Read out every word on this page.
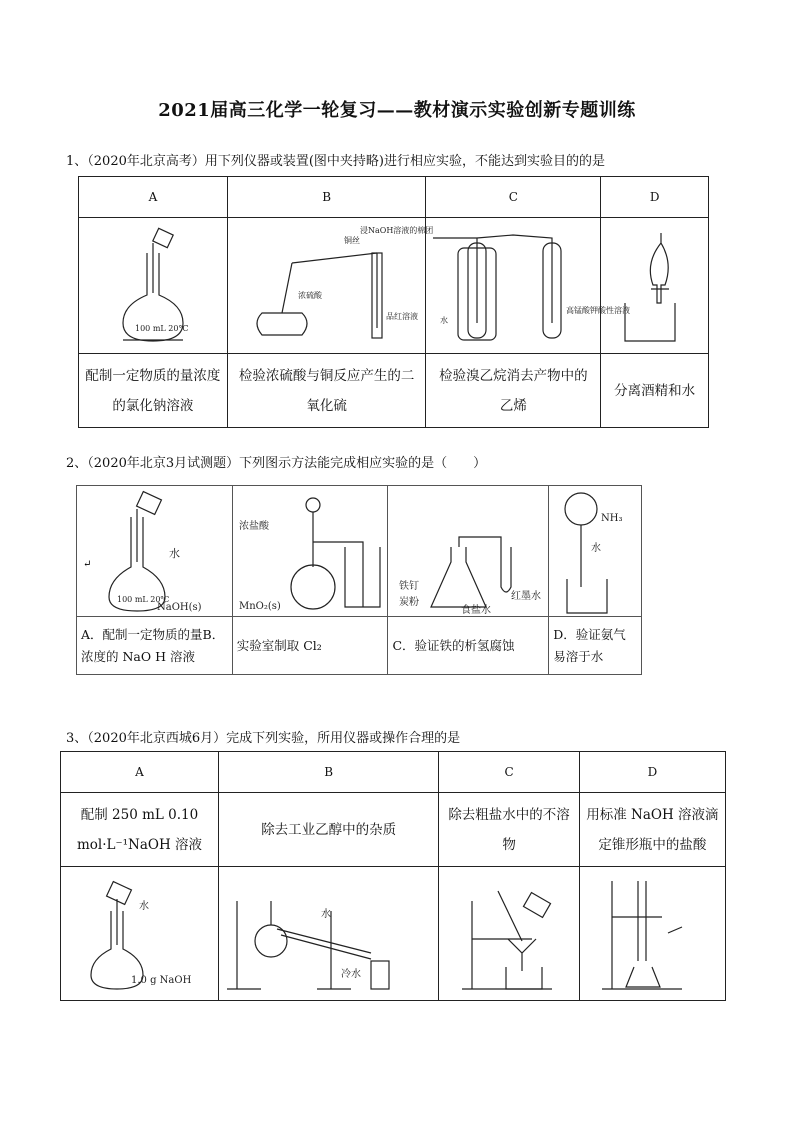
2021届高三化学一轮复习——教材演示实验创新专题训练
1、（2020年北京高考）用下列仪器或装置(图中夹持略)进行相应实验，不能达到实验目的的是
A	B	C	D

100 mL 20°C	铜丝
浸NaOH溶液的棉团
浓硫酸
品红溶液	水
高锰酸钾酸性溶液

配制一定物质的量浓度的氯化钠溶液	检验浓硫酸与铜反应产生的二氧化硫	检验溴乙烷消去产物中的乙烯	分离酒精和水
2、（2020年北京3月试测题）下列图示方法能完成相应实验的是（　　）
水
100 mL 20℃
NaOH(s)
↵	浓盐酸
MnO₂(s)	铁钉
炭粉
红墨水
食盐水	NH₃
水

A．配制一定物质的量B．浓度的 NaO H 溶液	实验室制取 Cl₂	C．验证铁的析氢腐蚀	D．验证氨气易溶于水
3、（2020年北京西城6月）完成下列实验，所用仪器或操作合理的是
A	B	C	D
配制 250 mL 0.10 mol·L⁻¹NaOH 溶液	除去工业乙醇中的杂质	除去粗盐水中的不溶物	用标准 NaOH 溶液滴定锥形瓶中的盐酸

水
1.0 g NaOH	水
冷水
